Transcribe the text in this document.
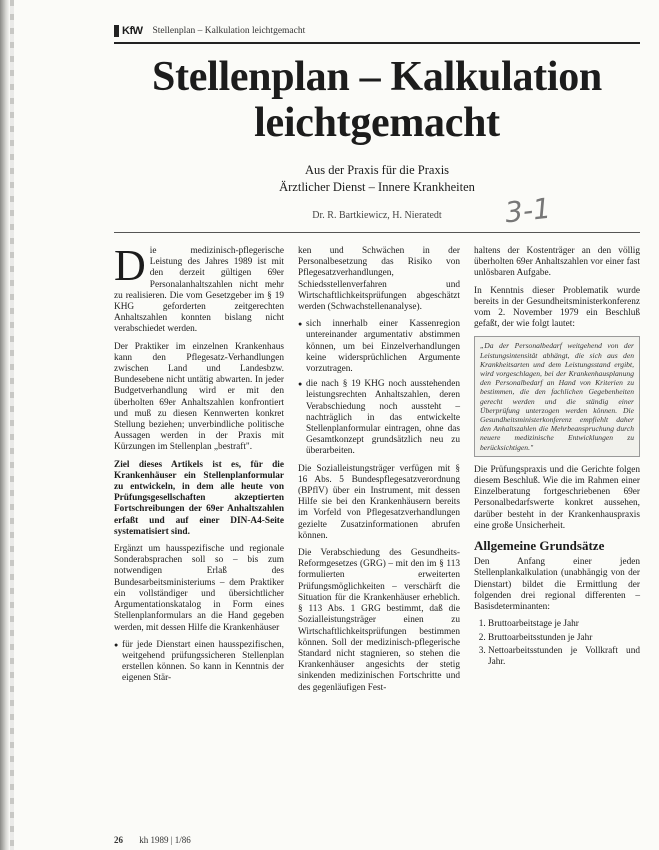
KfW Stellenplan – Kalkulation leichtgemacht
Stellenplan – Kalkulation
leichtgemacht
Aus der Praxis für die Praxis
Ärztlicher Dienst – Innere Krankheiten
Dr. R. Bartkiewicz, H. Nieratedt	3-1

Die medizinisch-pflegerische Leistung des Jahres 1989 ist mit den derzeit gültigen 69er Personalanhaltszahlen nicht mehr zu realisieren. Die vom Gesetzgeber im § 19 KHG geforderten zeitgerechten Anhaltszahlen konnten bislang nicht verabschiedet werden.

Der Praktiker im einzelnen Krankenhaus kann den Pflegesatz-Verhandlungen zwischen Land und Landesbzw. Bundesebene nicht untätig abwarten. In jeder Budgetverhandlung wird er mit den überholten 69er Anhaltszahlen konfrontiert und muß zu diesen Kennwerten konkret Stellung beziehen; unverbindliche politische Aussagen werden in der Praxis mit Kürzungen im Stellenplan „bestraft".

Ziel dieses Artikels ist es, für die Krankenhäuser ein Stellenplanformular zu entwickeln, in dem alle heute von Prüfungsgesellschaften akzeptierten Fortschreibungen der 69er Anhaltszahlen erfaßt und auf einer DIN-A4-Seite systematisiert sind.

Ergänzt um hausspezifische und regionale Sonderabsprachen soll so – bis zum notwendigen Erlaß des Bundesarbeitsministeriums – dem Praktiker ein vollständiger und übersichtlicher Argumentationskatalog in Form eines Stellenplanformulars an die Hand gegeben werden, mit dessen Hilfe die Krankenhäuser

● für jede Dienstart einen hausspezifischen, weitgehend prüfungssicheren Stellenplan erstellen können. So kann in Kenntnis der eigenen Stär-

ken und Schwächen in der Personalbesetzung das Risiko von Pflegesatzverhandlungen, Schiedsstellenverfahren und Wirtschaftlichkeitsprüfungen abgeschätzt werden (Schwachstellenanalyse).

● sich innerhalb einer Kassenregion untereinander argumentativ abstimmen können, um bei Einzelverhandlungen keine widersprüchlichen Argumente vorzutragen.
● die nach § 19 KHG noch ausstehenden leistungsrechten Anhaltszahlen, deren Verabschiedung noch aussteht – nachträglich in das entwickelte Stellenplanformular eintragen, ohne das Gesamtkonzept grundsätzlich neu zu überarbeiten.

Die Sozialleistungsträger verfügen mit § 16 Abs. 5 Bundespflegesatzverordnung (BPflV) über ein Instrument, mit dessen Hilfe sie bei den Krankenhäusern bereits im Vorfeld von Pflegesatzverhandlungen gezielte Zusatzinformationen abrufen können.

Die Verabschiedung des Gesundheits-Reformgesetzes (GRG) – mit den im § 113 formulierten erweiterten Prüfungsmöglichkeiten – verschärft die Situation für die Krankenhäuser erheblich. § 113 Abs. 1 GRG bestimmt, daß die Sozialleistungsträger einen zu Wirtschaftlichkeitsprüfungen bestimmen können. Soll der medizinisch-pflegerische Standard nicht stagnieren, so stehen die Krankenhäuser angesichts der stetig sinkenden medizinischen Fortschritte und des gegenläufigen Fest-

haltens der Kostenträger an den völlig überholten 69er Anhaltszahlen vor einer fast unlösbaren Aufgabe.

In Kenntnis dieser Problematik wurde bereits in der Gesundheitsministerkonferenz vom 2. November 1979 ein Beschluß gefaßt, der wie folgt lautet:

„Da der Personalbedarf weitgehend von der Leistungsintensität abhängt, die sich aus den Krankheitsarten und dem Leistungsstand ergibt, wird vorgeschlagen, bei der Krankenhausplanung den Personalbedarf an Hand von Kriterien zu bestimmen, die den fachlichen Gegebenheiten gerecht werden und die ständig einer Überprüfung unterzogen werden können. Die Gesundheitsministerkonferenz empfiehlt daher den Anhaltszahlen die Mehrbeanspruchung durch neuere medizinische Entwicklungen zu berücksichtigen."

Die Prüfungspraxis und die Gerichte folgen diesem Beschluß. Wie die im Rahmen einer Einzelberatung fortgeschriebenen 69er Personalbedarfswerte konkret aussehen, darüber besteht in der Krankenhauspraxis eine große Unsicherheit.

Allgemeine Grundsätze

Den Anfang einer jeden Stellenplankalkulation (unabhängig von der Dienstart) bildet die Ermittlung der folgenden drei regional differenten – Basisdeterminanten:

1. Bruttoarbeitstage je Jahr
2. Bruttoarbeitsstunden je Jahr
3. Nettoarbeitsstunden je Vollkraft und Jahr.
26 kh 1989 | 1/86
